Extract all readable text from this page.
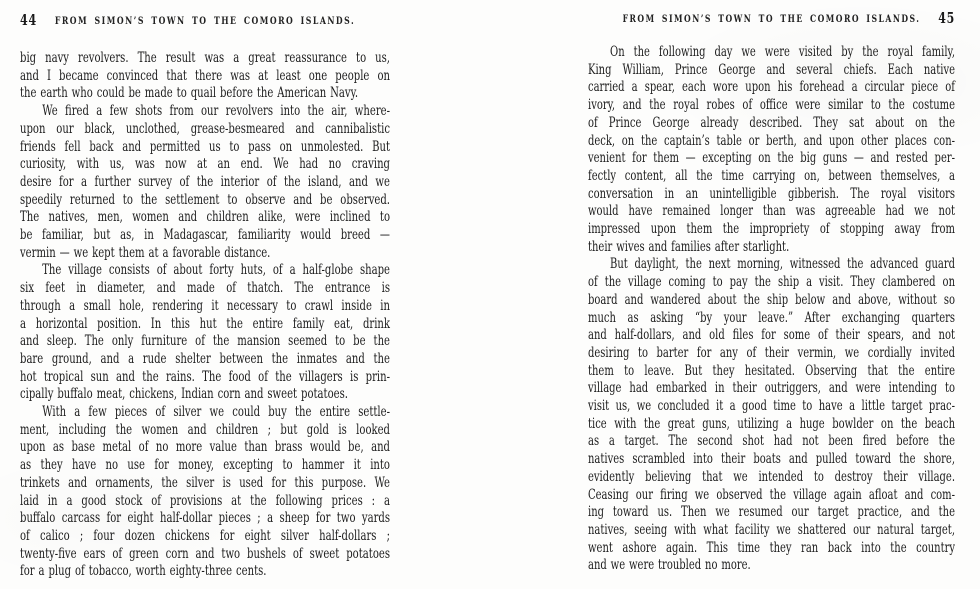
44	FROM SIMON’S TOWN TO THE COMORO ISLANDS.
big navy revolvers. The result was a great reassurance to us,
and I became convinced that there was at least one people on
the earth who could be made to quail before the American Navy.
We fired a few shots from our revolvers into the air, where-
upon our black, unclothed, grease-besmeared and cannibalistic
friends fell back and permitted us to pass on unmolested. But
curiosity, with us, was now at an end. We had no craving
desire for a further survey of the interior of the island, and we
speedily returned to the settlement to observe and be observed.
The natives, men, women and children alike, were inclined to
be familiar, but as, in Madagascar, familiarity would breed —
vermin — we kept them at a favorable distance.
The village consists of about forty huts, of a half-globe shape
six feet in diameter, and made of thatch. The entrance is
through a small hole, rendering it necessary to crawl inside in
a horizontal position. In this hut the entire family eat, drink
and sleep. The only furniture of the mansion seemed to be the
bare ground, and a rude shelter between the inmates and the
hot tropical sun and the rains. The food of the villagers is prin-
cipally buffalo meat, chickens, Indian corn and sweet potatoes.
With a few pieces of silver we could buy the entire settle-
ment, including the women and children ; but gold is looked
upon as base metal of no more value than brass would be, and
as they have no use for money, excepting to hammer it into
trinkets and ornaments, the silver is used for this purpose. We
laid in a good stock of provisions at the following prices : a
buffalo carcass for eight half-dollar pieces ; a sheep for two yards
of calico ; four dozen chickens for eight silver half-dollars ;
twenty-five ears of green corn and two bushels of sweet potatoes
for a plug of tobacco, worth eighty-three cents.
FROM SIMON’S TOWN TO THE COMORO ISLANDS.	45
On the following day we were visited by the royal family,
King William, Prince George and several chiefs. Each native
carried a spear, each wore upon his forehead a circular piece of
ivory, and the royal robes of office were similar to the costume
of Prince George already described. They sat about on the
deck, on the captain’s table or berth, and upon other places con-
venient for them — excepting on the big guns — and rested per-
fectly content, all the time carrying on, between themselves, a
conversation in an unintelligible gibberish. The royal visitors
would have remained longer than was agreeable had we not
impressed upon them the impropriety of stopping away from
their wives and families after starlight.
But daylight, the next morning, witnessed the advanced guard
of the village coming to pay the ship a visit. They clambered on
board and wandered about the ship below and above, without so
much as asking “by your leave.” After exchanging quarters
and half-dollars, and old files for some of their spears, and not
desiring to barter for any of their vermin, we cordially invited
them to leave. But they hesitated. Observing that the entire
village had embarked in their outriggers, and were intending to
visit us, we concluded it a good time to have a little target prac-
tice with the great guns, utilizing a huge bowlder on the beach
as a target. The second shot had not been fired before the
natives scrambled into their boats and pulled toward the shore,
evidently believing that we intended to destroy their village.
Ceasing our firing we observed the village again afloat and com-
ing toward us. Then we resumed our target practice, and the
natives, seeing with what facility we shattered our natural target,
went ashore again. This time they ran back into the country
and we were troubled no more.
